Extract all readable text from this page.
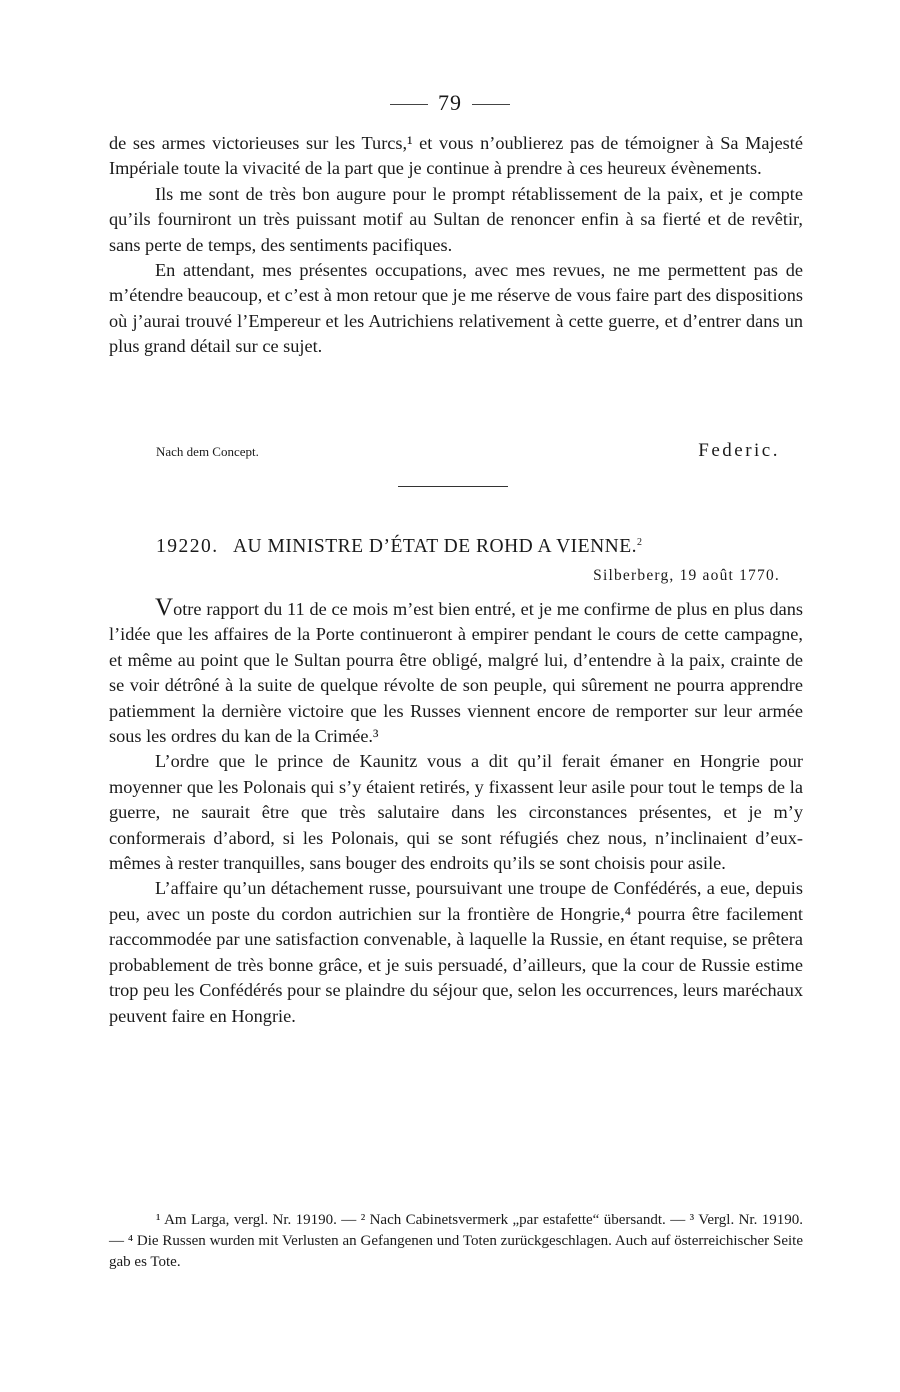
79

de ses armes victorieuses sur les Turcs,¹ et vous n’oublierez pas de témoigner à Sa Majesté Impériale toute la vivacité de la part que je continue à prendre à ces heureux évènements.

Ils me sont de très bon augure pour le prompt rétablissement de la paix, et je compte qu’ils fourniront un très puissant motif au Sultan de renoncer enfin à sa fierté et de revêtir, sans perte de temps, des sentiments pacifiques.

En attendant, mes présentes occupations, avec mes revues, ne me permettent pas de m’étendre beaucoup, et c’est à mon retour que je me réserve de vous faire part des dispositions où j’aurai trouvé l’Empereur et les Autrichiens relativement à cette guerre, et d’entrer dans un plus grand détail sur ce sujet.

Nach dem Concept.	Federic.
19220. AU MINISTRE D’ÉTAT DE ROHD A VIENNE.$^2$
Silberberg, 19 août 1770.

Votre rapport du 11 de ce mois m’est bien entré, et je me confirme de plus en plus dans l’idée que les affaires de la Porte continueront à empirer pendant le cours de cette campagne, et même au point que le Sultan pourra être obligé, malgré lui, d’entendre à la paix, crainte de se voir détrôné à la suite de quelque révolte de son peuple, qui sûrement ne pourra apprendre patiemment la dernière victoire que les Russes viennent encore de remporter sur leur armée sous les ordres du kan de la Crimée.³

L’ordre que le prince de Kaunitz vous a dit qu’il ferait émaner en Hongrie pour moyenner que les Polonais qui s’y étaient retirés, y fixassent leur asile pour tout le temps de la guerre, ne saurait être que très salutaire dans les circonstances présentes, et je m’y conformerais d’abord, si les Polonais, qui se sont réfugiés chez nous, n’inclinaient d’eux-mêmes à rester tranquilles, sans bouger des endroits qu’ils se sont choisis pour asile.

L’affaire qu’un détachement russe, poursuivant une troupe de Confédérés, a eue, depuis peu, avec un poste du cordon autrichien sur la frontière de Hongrie,⁴ pourra être facilement raccommodée par une satisfaction convenable, à laquelle la Russie, en étant requise, se prêtera probablement de très bonne grâce, et je suis persuadé, d’ailleurs, que la cour de Russie estime trop peu les Confédérés pour se plaindre du séjour que, selon les occurrences, leurs maréchaux peuvent faire en Hongrie.

¹ Am Larga, vergl. Nr. 19190. — ² Nach Cabinetsvermerk „par estafette“ übersandt. — ³ Vergl. Nr. 19190. — ⁴ Die Russen wurden mit Verlusten an Gefangenen und Toten zurückgeschlagen. Auch auf österreichischer Seite gab es Tote.
